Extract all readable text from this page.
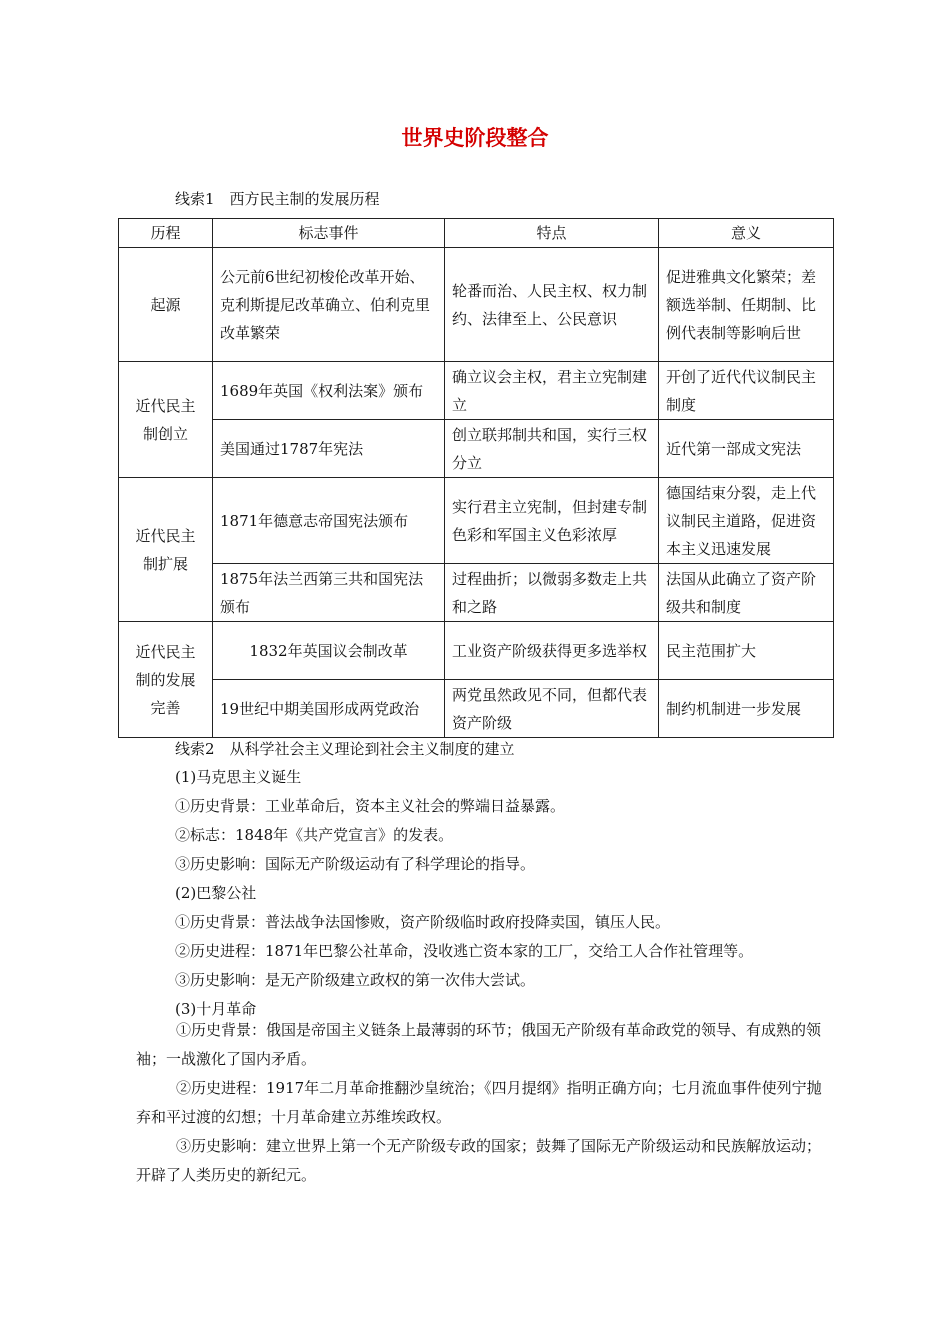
世界史阶段整合
线索1　西方民主制的发展历程
历程	标志事件	特点	意义
起源	公元前6世纪初梭伦改革开始、克利斯提尼改革确立、伯利克里改革繁荣	轮番而治、人民主权、权力制约、法律至上、公民意识	促进雅典文化繁荣；差额选举制、任期制、比例代表制等影响后世

近代民主制创立	1689年英国《权利法案》颁布	确立议会主权，君主立宪制建立	开创了近代代议制民主制度
	美国通过1787年宪法	创立联邦制共和国，实行三权分立	近代第一部成文宪法

近代民主制扩展	1871年德意志帝国宪法颁布	实行君主立宪制，但封建专制色彩和军国主义色彩浓厚	德国结束分裂，走上代议制民主道路，促进资本主义迅速发展
	1875年法兰西第三共和国宪法颁布	过程曲折；以微弱多数走上共和之路	法国从此确立了资产阶级共和制度

近代民主制的发展完善	1832年英国议会制改革	工业资产阶级获得更多选举权	民主范围扩大
	19世纪中期美国形成两党政治	两党虽然政见不同，但都代表资产阶级	制约机制进一步发展
线索2　从科学社会主义理论到社会主义制度的建立
(1)马克思主义诞生
①历史背景：工业革命后，资本主义社会的弊端日益暴露。
②标志：1848年《共产党宣言》的发表。
③历史影响：国际无产阶级运动有了科学理论的指导。
(2)巴黎公社
①历史背景：普法战争法国惨败，资产阶级临时政府投降卖国，镇压人民。
②历史进程：1871年巴黎公社革命，没收逃亡资本家的工厂，交给工人合作社管理等。
③历史影响：是无产阶级建立政权的第一次伟大尝试。
(3)十月革命
①历史背景：俄国是帝国主义链条上最薄弱的环节；俄国无产阶级有革命政党的领导、有成熟的领袖；一战激化了国内矛盾。
②历史进程：1917年二月革命推翻沙皇统治；《四月提纲》指明正确方向；七月流血事件使列宁抛弃和平过渡的幻想；十月革命建立苏维埃政权。
③历史影响：建立世界上第一个无产阶级专政的国家；鼓舞了国际无产阶级运动和民族解放运动；开辟了人类历史的新纪元。
